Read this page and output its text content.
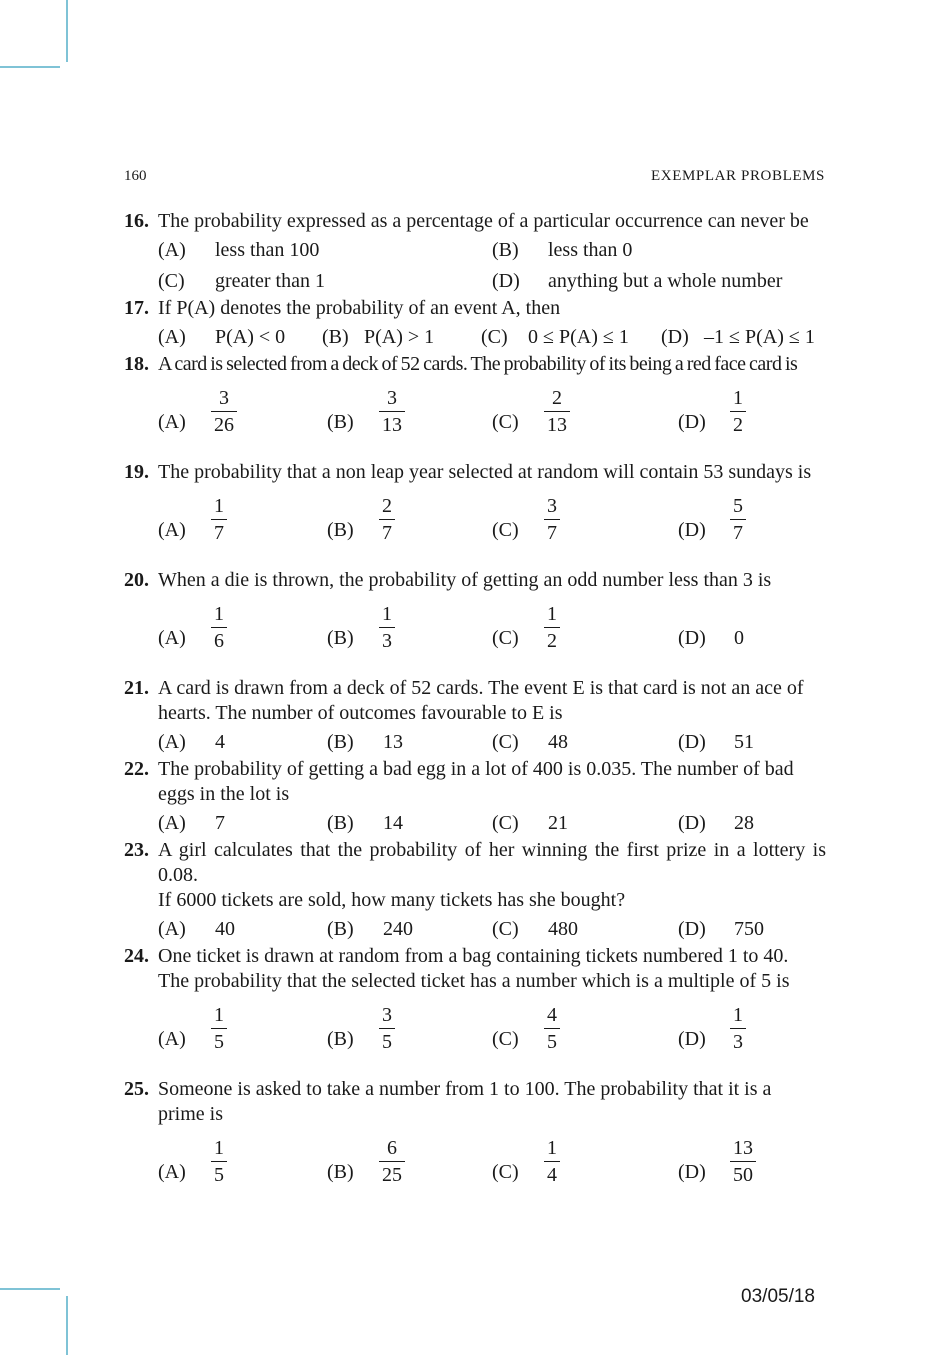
160	EXEMPLAR PROBLEMS
16. The probability expressed as a percentage of a particular occurrence can never be
(A) less than 100	(B) less than 0
(C) greater than 1	(D) anything but a whole number
17. If P(A) denotes the probability of an event A, then
(A) P(A) < 0 (B) P(A) > 1 (C) 0 ≤ P(A) ≤ 1 (D) –1 ≤ P(A) ≤ 1
18. A card is selected from a deck of 52 cards. The probability of its being a red face card is
$(A) \frac{3}{26}$	$(B) \frac{3}{13}$	$(C) \frac{2}{13}$	$(D) \frac{1}{2}$
19. The probability that a non leap year selected at random will contain 53 sundays is
$(A) \frac{1}{7}$	$(B) \frac{2}{7}$	$(C) \frac{3}{7}$	$(D) \frac{5}{7}$
20. When a die is thrown, the probability of getting an odd number less than 3 is
$(A) \frac{1}{6}$	$(B) \frac{1}{3}$	$(C) \frac{1}{2}$	(D) 0
21. A card is drawn from a deck of 52 cards. The event E is that card is not an ace of
hearts. The number of outcomes favourable to E is
(A) 4	(B) 13	(C) 48	(D) 51
22. The probability of getting a bad egg in a lot of 400 is 0.035. The number of bad
eggs in the lot is
(A) 7	(B) 14	(C) 21	(D) 28
23. A girl calculates that the probability of her winning the first prize in a lottery is 0.08.
If 6000 tickets are sold, how many tickets has she bought?
(A) 40	(B) 240	(C) 480	(D) 750
24. One ticket is drawn at random from a bag containing tickets numbered 1 to 40.
The probability that the selected ticket has a number which is a multiple of 5 is
$(A) \frac{1}{5}$	$(B) \frac{3}{5}$	$(C) \frac{4}{5}$	$(D) \frac{1}{3}$
25. Someone is asked to take a number from 1 to 100. The probability that it is a
prime is
$(A) \frac{1}{5}$	$(B) \frac{6}{25}$	$(C) \frac{1}{4}$	$(D) \frac{13}{50}$
03/05/18
